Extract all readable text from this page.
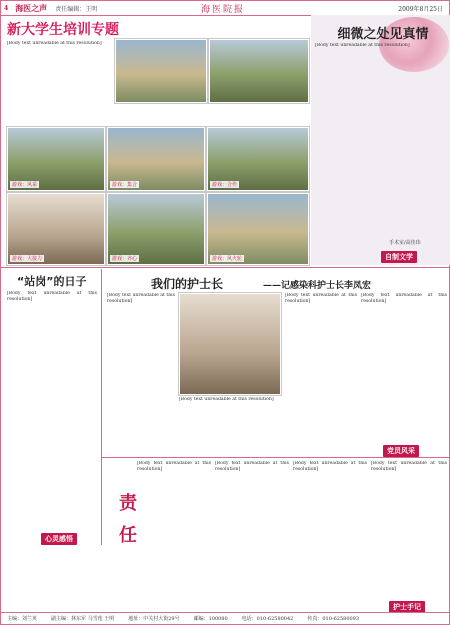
4 海医之声	责任编辑：王明	海医院报	2009年8月25日
新大学生培训专题
[Body text unreadable at this resolution]
游戏：风采	游戏：集合	游戏：合作
游戏：大接力	游戏：齐心	游戏：风火轮
细微之处见真情
[Body text unreadable at this resolution]
手术室/高佳玮
自制文学
“站岗”的日子
[Body text unreadable at this resolution]
心灵感悟
我们的护士长	——记感染科护士长李凤宏
[Body text unreadable at this resolution]
[Body text unreadable at this resolution]
[Body text unreadable at this resolution]
[Body text unreadable at this resolution]
党员风采
责任
[Body text unreadable at this resolution]
[Body text unreadable at this resolution]
[Body text unreadable at this resolution]
[Body text unreadable at this resolution]
护士手记
主编：刘兰英	副主编：林东军 马雪莲 王明	地址：中关村大街29号	邮编：100080	电话：010-62580042	传真：010-62580093
